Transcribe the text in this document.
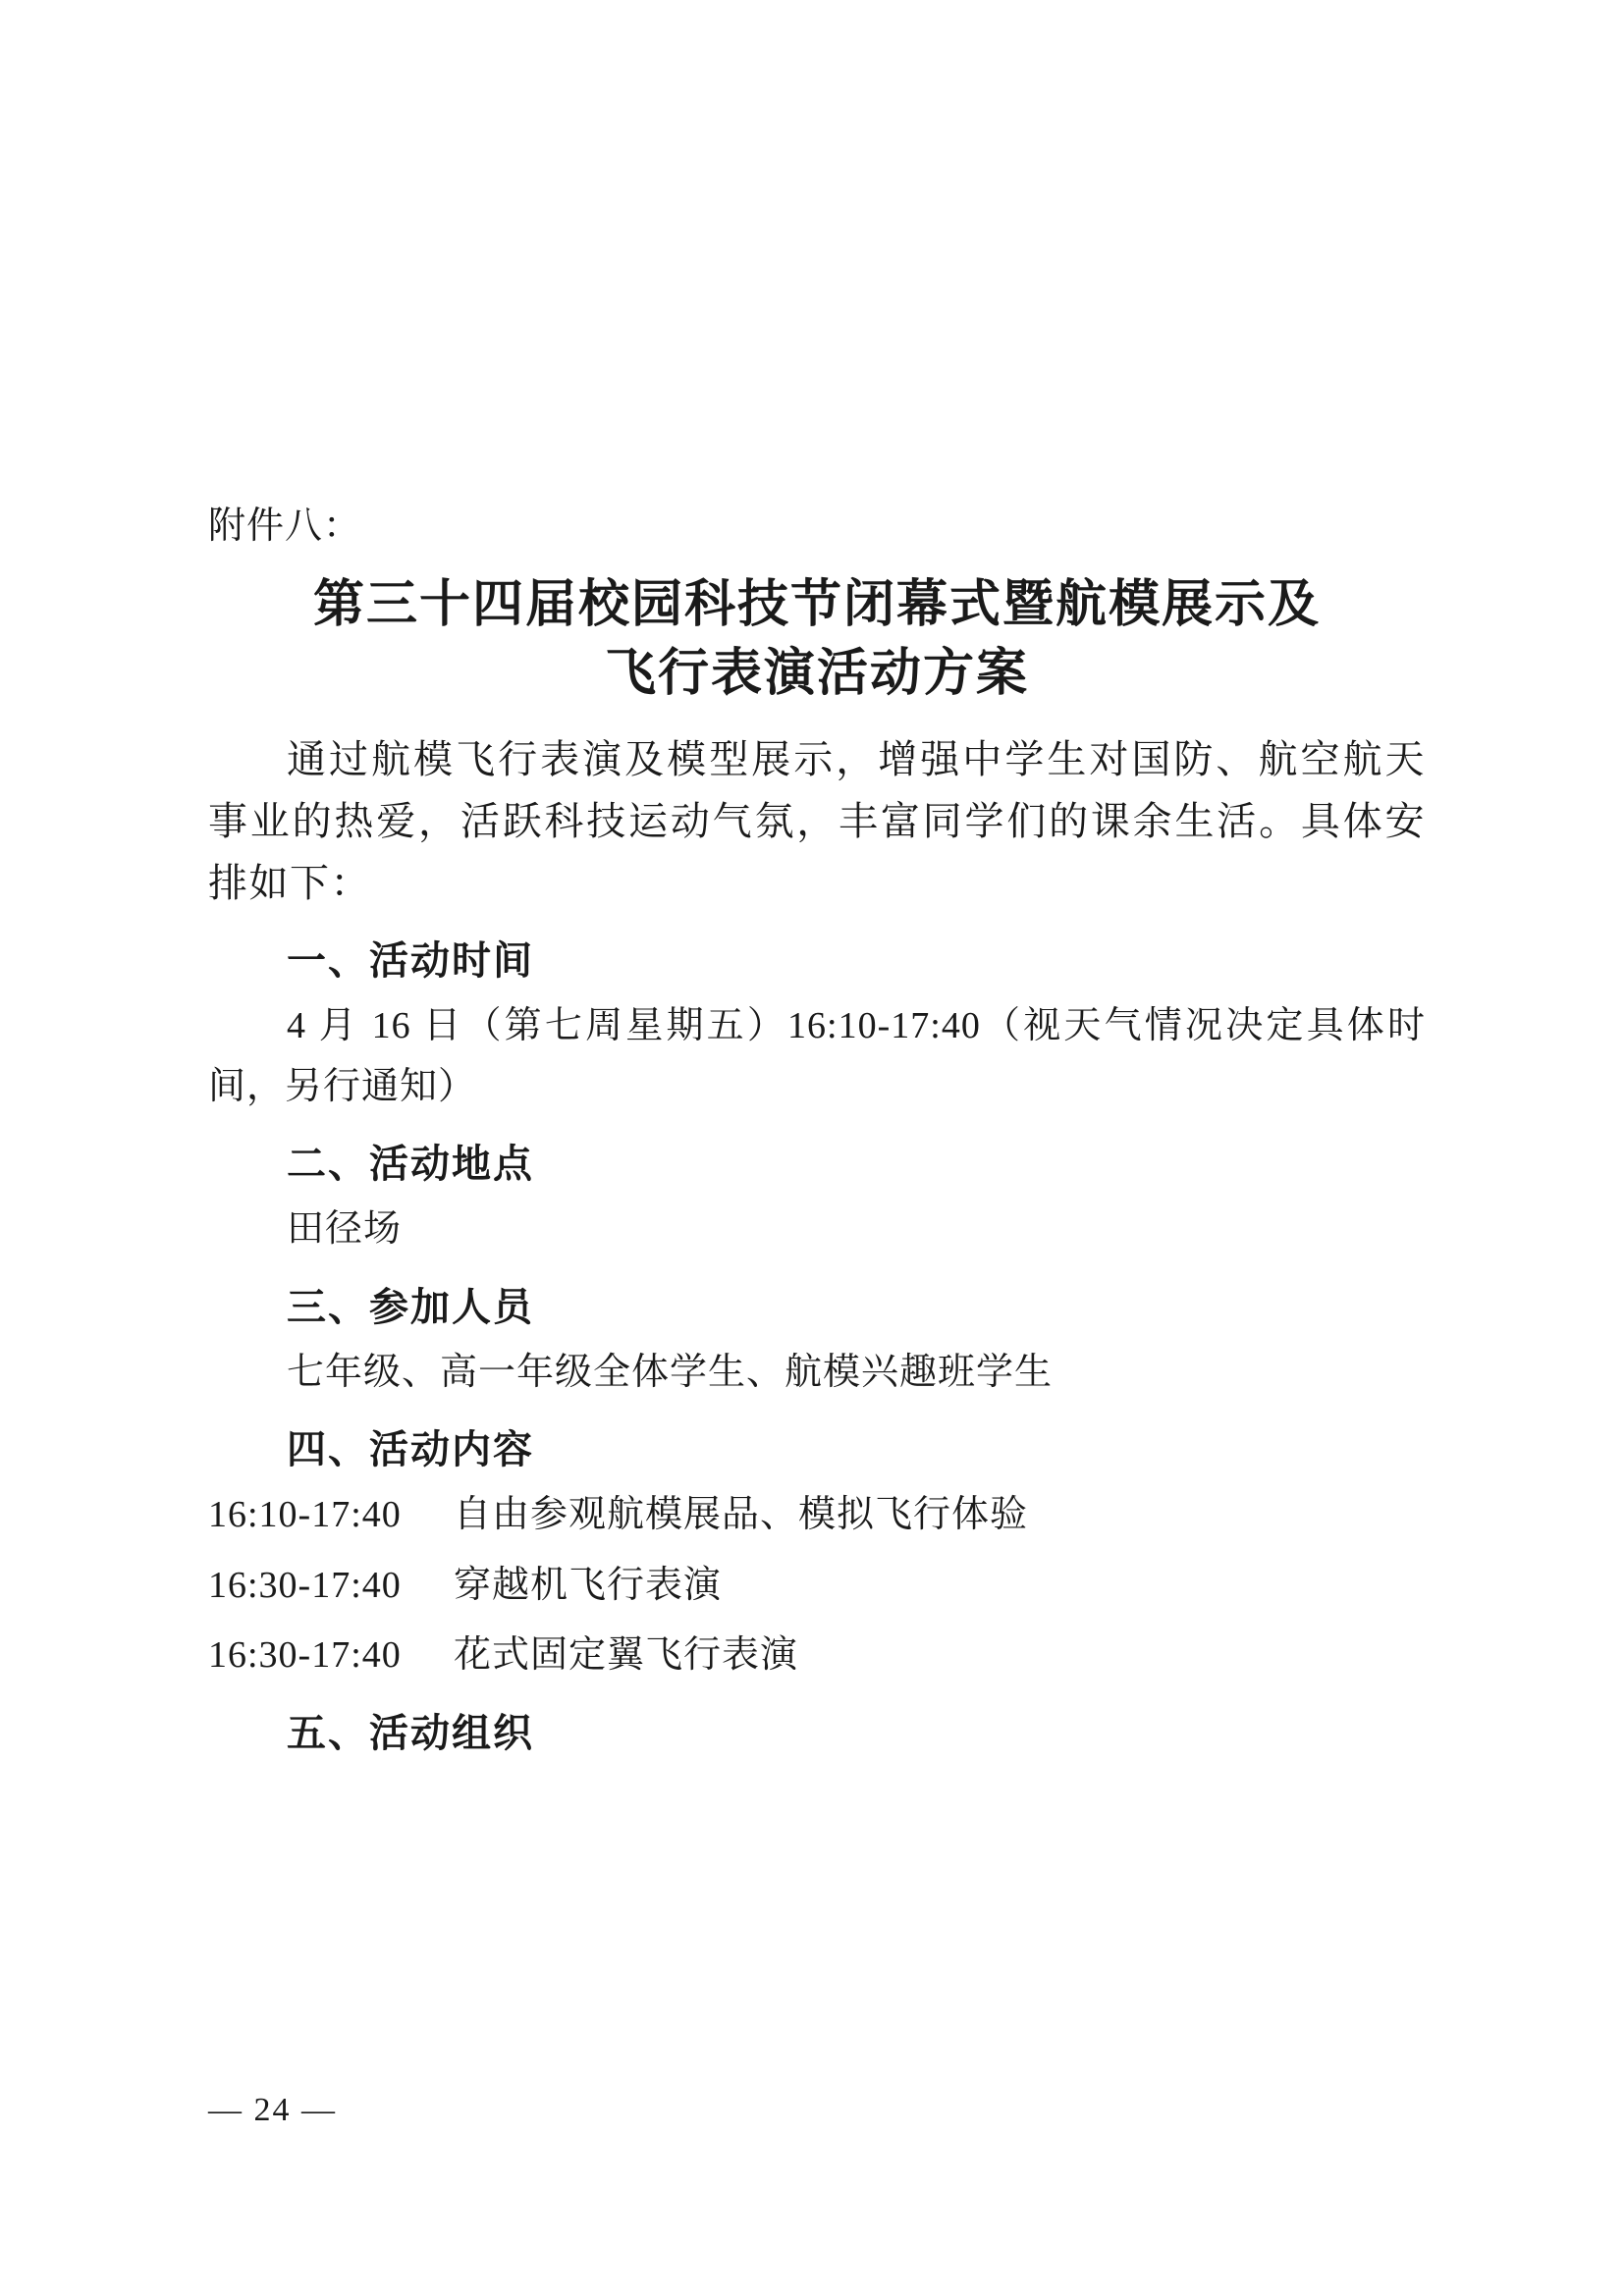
附件八：
第三十四届校园科技节闭幕式暨航模展示及
飞行表演活动方案

通过航模飞行表演及模型展示，增强中学生对国防、航空航天事业的热爱，活跃科技运动气氛，丰富同学们的课余生活。具体安排如下：

一、活动时间

4 月 16 日（第七周星期五）16:10-17:40（视天气情况决定具体时间，另行通知）

二、活动地点

田径场

三、参加人员

七年级、高一年级全体学生、航模兴趣班学生

四、活动内容
16:10-17:40	自由参观航模展品、模拟飞行体验
16:30-17:40	穿越机飞行表演
16:30-17:40	花式固定翼飞行表演
五、活动组织
— 24 —
